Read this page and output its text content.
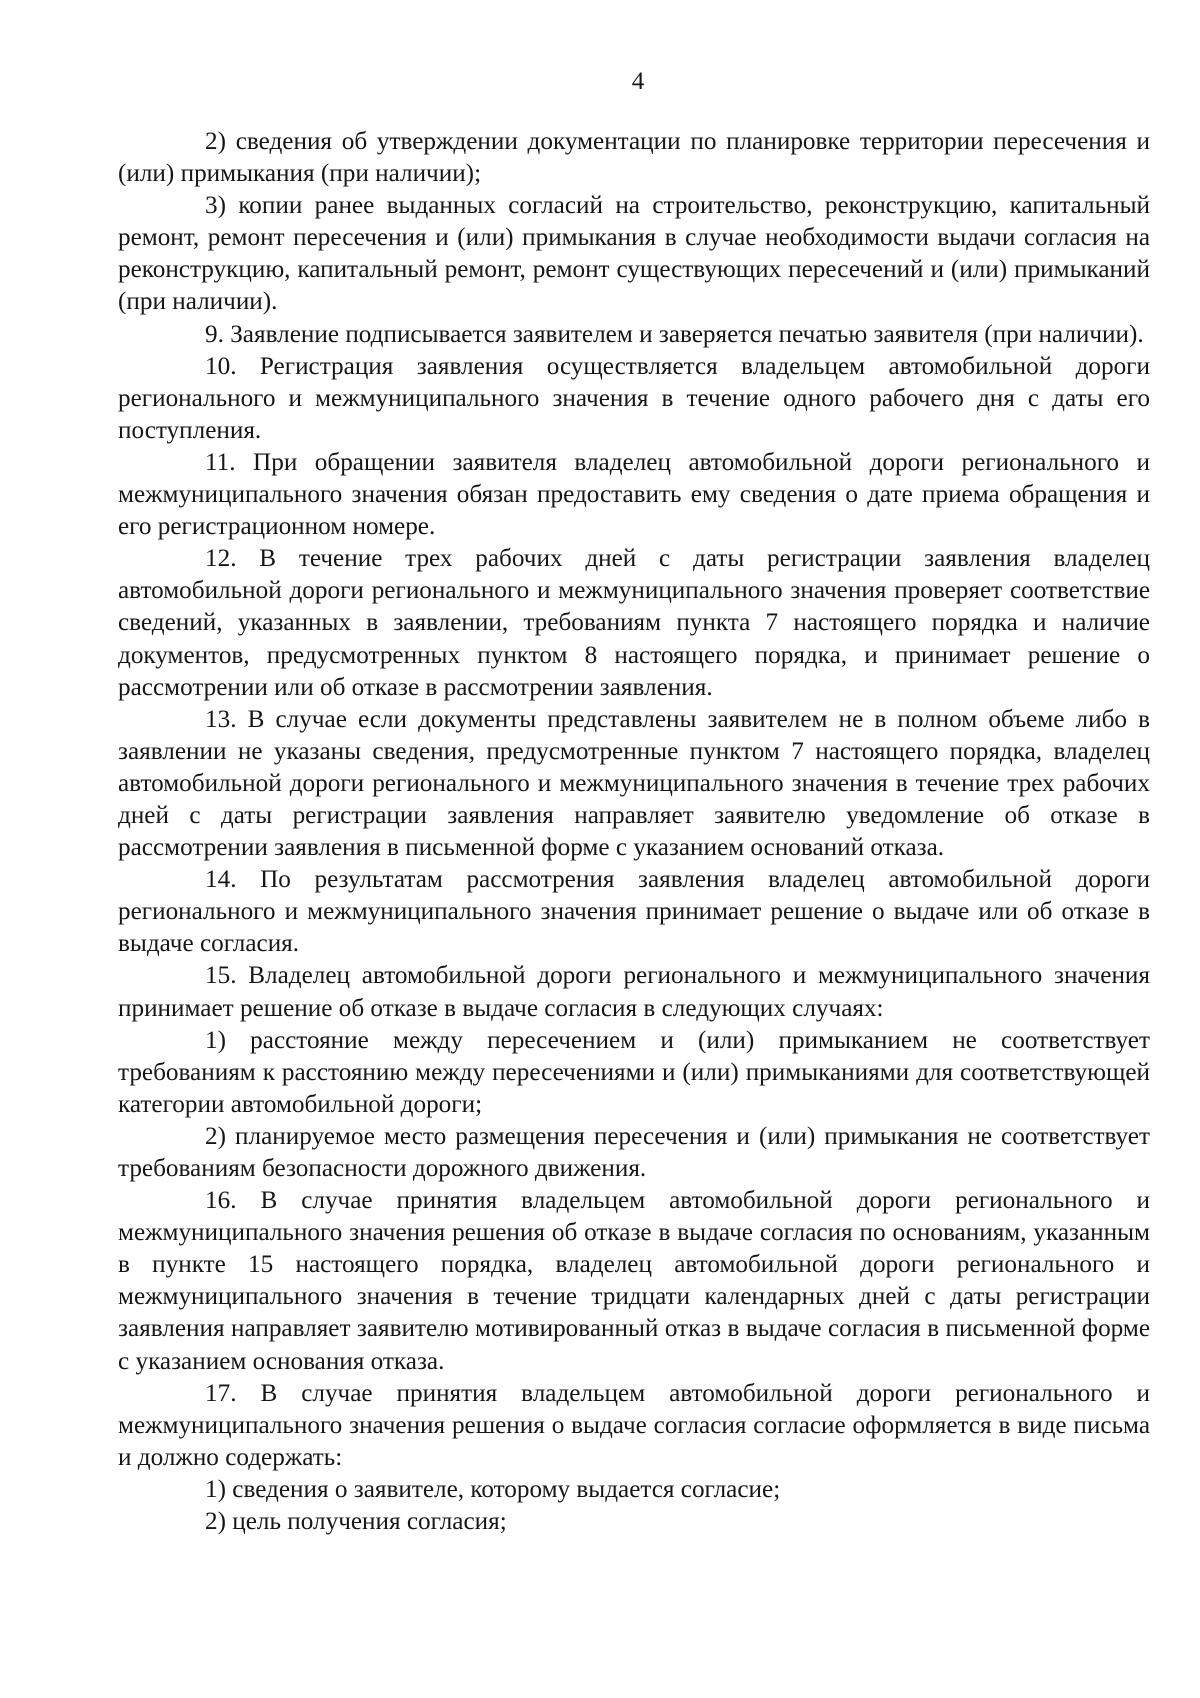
4

2) сведения об утверждении документации по планировке территории пересечения и (или) примыкания (при наличии);

3) копии ранее выданных согласий на строительство, реконструкцию, капитальный ремонт, ремонт пересечения и (или) примыкания в случае необходимости выдачи согласия на реконструкцию, капитальный ремонт, ремонт существующих пересечений и (или) примыканий (при наличии).

9. Заявление подписывается заявителем и заверяется печатью заявителя (при наличии).

10. Регистрация заявления осуществляется владельцем автомобильной дороги регионального и межмуниципального значения в течение одного рабочего дня с даты его поступления.

11. При обращении заявителя владелец автомобильной дороги регионального и межмуниципального значения обязан предоставить ему сведения о дате приема обращения и его регистрационном номере.

12. В течение трех рабочих дней с даты регистрации заявления владелец автомобильной дороги регионального и межмуниципального значения проверяет соответствие сведений, указанных в заявлении, требованиям пункта 7 настоящего порядка и наличие документов, предусмотренных пунктом 8 настоящего порядка, и принимает решение о рассмотрении или об отказе в рассмотрении заявления.

13. В случае если документы представлены заявителем не в полном объеме либо в заявлении не указаны сведения, предусмотренные пунктом 7 настоящего порядка, владелец автомобильной дороги регионального и межмуниципального значения в течение трех рабочих дней с даты регистрации заявления направляет заявителю уведомление об отказе в рассмотрении заявления в письменной форме с указанием оснований отказа.

14. По результатам рассмотрения заявления владелец автомобильной дороги регионального и межмуниципального значения принимает решение о выдаче или об отказе в выдаче согласия.

15. Владелец автомобильной дороги регионального и межмуниципального значения принимает решение об отказе в выдаче согласия в следующих случаях:

1) расстояние между пересечением и (или) примыканием не соответствует требованиям к расстоянию между пересечениями и (или) примыканиями для соответствующей категории автомобильной дороги;

2) планируемое место размещения пересечения и (или) примыкания не соответствует требованиям безопасности дорожного движения.

16. В случае принятия владельцем автомобильной дороги регионального и межмуниципального значения решения об отказе в выдаче согласия по основаниям, указанным в пункте 15 настоящего порядка, владелец автомобильной дороги регионального и межмуниципального значения в течение тридцати календарных дней с даты регистрации заявления направляет заявителю мотивированный отказ в выдаче согласия в письменной форме с указанием основания отказа.

17. В случае принятия владельцем автомобильной дороги регионального и межмуниципального значения решения о выдаче согласия согласие оформляется в виде письма и должно содержать:

1) сведения о заявителе, которому выдается согласие;

2) цель получения согласия;
